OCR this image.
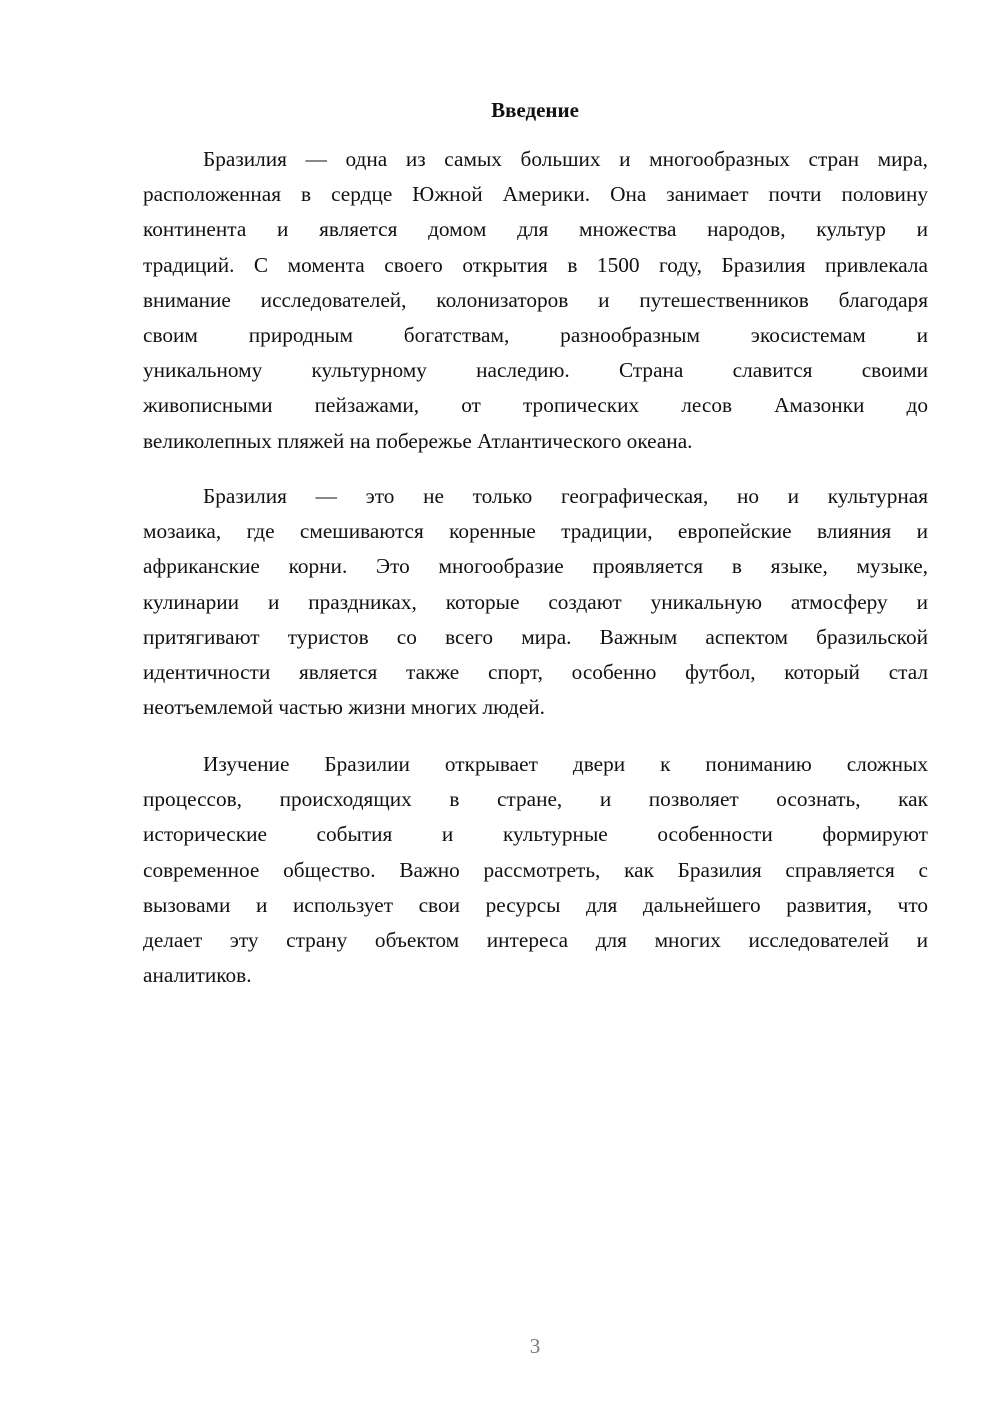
Введение
Бразилия — одна из самых больших и многообразных стран мира,
расположенная в сердце Южной Америки. Она занимает почти половину
континента и является домом для множества народов, культур и
традиций. С момента своего открытия в 1500 году, Бразилия привлекала
внимание исследователей, колонизаторов и путешественников благодаря
своим природным богатствам, разнообразным экосистемам и
уникальному культурному наследию. Страна славится своими
живописными пейзажами, от тропических лесов Амазонки до
великолепных пляжей на побережье Атлантического океана.
Бразилия — это не только географическая, но и культурная
мозаика, где смешиваются коренные традиции, европейские влияния и
африканские корни. Это многообразие проявляется в языке, музыке,
кулинарии и праздниках, которые создают уникальную атмосферу и
притягивают туристов со всего мира. Важным аспектом бразильской
идентичности является также спорт, особенно футбол, который стал
неотъемлемой частью жизни многих людей.
Изучение Бразилии открывает двери к пониманию сложных
процессов, происходящих в стране, и позволяет осознать, как
исторические события и культурные особенности формируют
современное общество. Важно рассмотреть, как Бразилия справляется с
вызовами и использует свои ресурсы для дальнейшего развития, что
делает эту страну объектом интереса для многих исследователей и
аналитиков.
3
